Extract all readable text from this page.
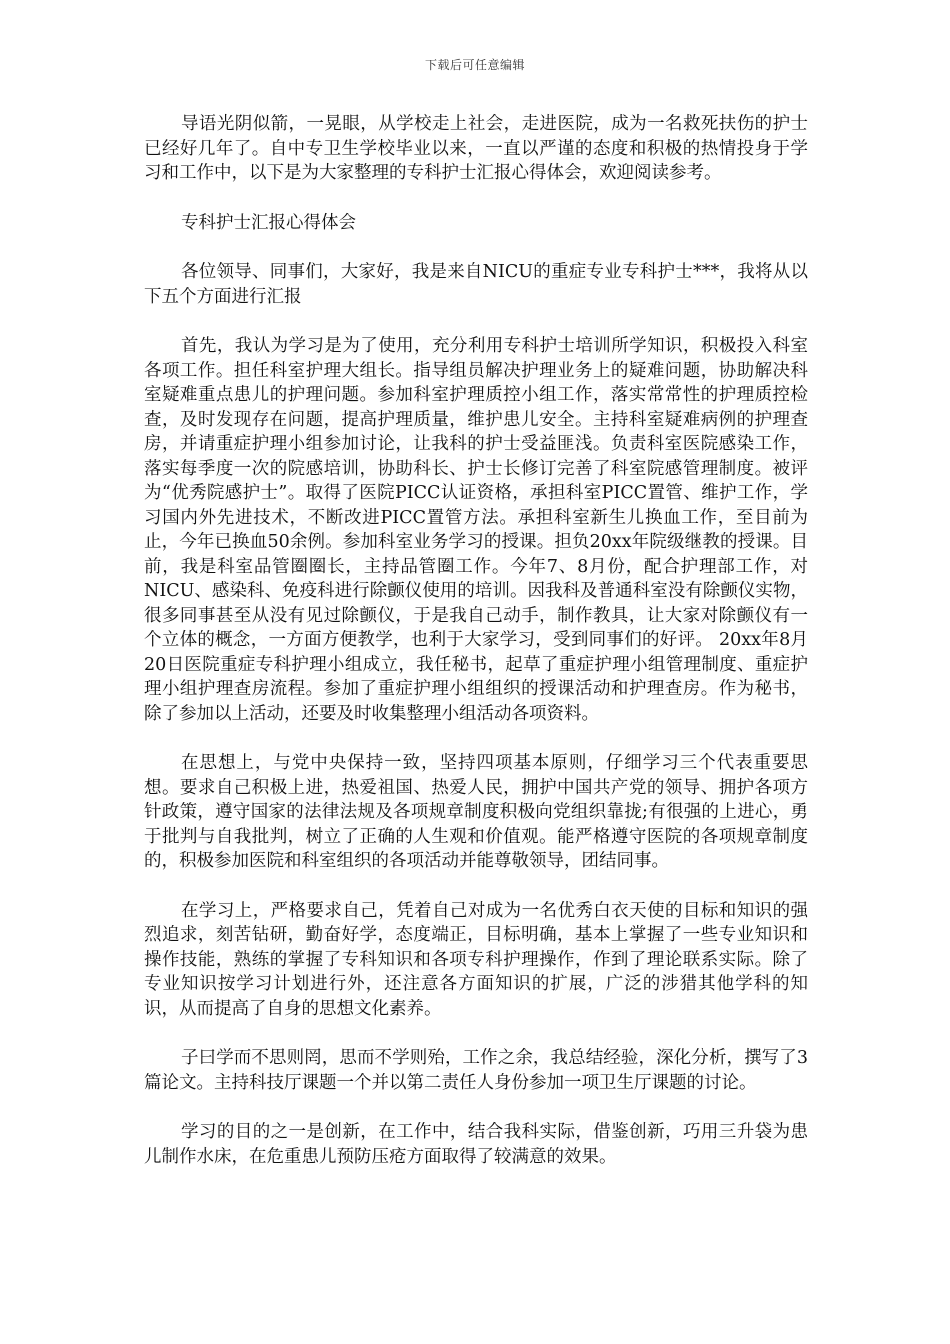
下载后可任意编辑

导语光阴似箭，一晃眼，从学校走上社会，走进医院，成为一名救死扶伤的护士已经好几年了。自中专卫生学校毕业以来，一直以严谨的态度和积极的热情投身于学习和工作中，以下是为大家整理的专科护士汇报心得体会，欢迎阅读参考。

专科护士汇报心得体会

各位领导、同事们，大家好，我是来自NICU的重症专业专科护士***，我将从以下五个方面进行汇报

首先，我认为学习是为了使用，充分利用专科护士培训所学知识，积极投入科室各项工作。担任科室护理大组长。指导组员解决护理业务上的疑难问题，协助解决科室疑难重点患儿的护理问题。参加科室护理质控小组工作，落实常常性的护理质控检查，及时发现存在问题，提高护理质量，维护患儿安全。主持科室疑难病例的护理查房，并请重症护理小组参加讨论，让我科的护士受益匪浅。负责科室医院感染工作，落实每季度一次的院感培训，协助科长、护士长修订完善了科室院感管理制度。被评为“优秀院感护士”。取得了医院PICC认证资格，承担科室PICC置管、维护工作，学习国内外先进技术，不断改进PICC置管方法。承担科室新生儿换血工作，至目前为止，今年已换血50余例。参加科室业务学习的授课。担负20xx年院级继教的授课。目前，我是科室品管圈圈长，主持品管圈工作。今年7、8月份，配合护理部工作，对NICU、感染科、免疫科进行除颤仪使用的培训。因我科及普通科室没有除颤仪实物，很多同事甚至从没有见过除颤仪，于是我自己动手，制作教具，让大家对除颤仪有一个立体的概念，一方面方便教学，也利于大家学习，受到同事们的好评。 20xx年8月20日医院重症专科护理小组成立，我任秘书，起草了重症护理小组管理制度、重症护理小组护理查房流程。参加了重症护理小组组织的授课活动和护理查房。作为秘书，除了参加以上活动，还要及时收集整理小组活动各项资料。

在思想上，与党中央保持一致，坚持四项基本原则，仔细学习三个代表重要思想。要求自己积极上进，热爱祖国、热爱人民，拥护中国共产党的领导、拥护各项方针政策，遵守国家的法律法规及各项规章制度积极向党组织靠拢;有很强的上进心，勇于批判与自我批判，树立了正确的人生观和价值观。能严格遵守医院的各项规章制度的，积极参加医院和科室组织的各项活动并能尊敬领导，团结同事。

在学习上，严格要求自己，凭着自己对成为一名优秀白衣天使的目标和知识的强烈追求，刻苦钻研，勤奋好学，态度端正，目标明确，基本上掌握了一些专业知识和操作技能，熟练的掌握了专科知识和各项专科护理操作，作到了理论联系实际。除了专业知识按学习计划进行外，还注意各方面知识的扩展，广泛的涉猎其他学科的知识，从而提高了自身的思想文化素养。

子曰学而不思则罔，思而不学则殆，工作之余，我总结经验，深化分析，撰写了3篇论文。主持科技厅课题一个并以第二责任人身份参加一项卫生厅课题的讨论。

学习的目的之一是创新，在工作中，结合我科实际，借鉴创新，巧用三升袋为患儿制作水床，在危重患儿预防压疮方面取得了较满意的效果。
